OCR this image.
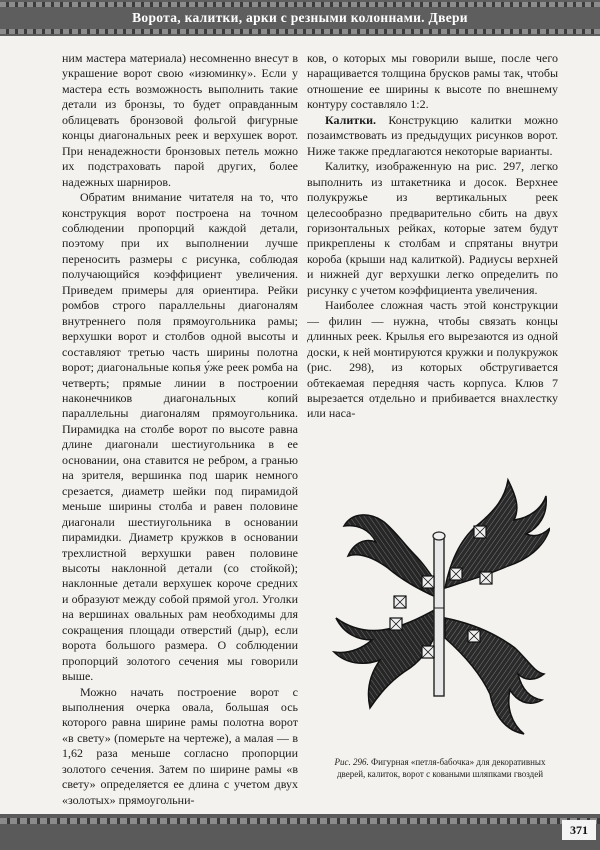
Ворота, калитки, арки с резными колоннами. Двери

ним мастера материала) несомненно внесут в украшение ворот свою «изюминку». Если у мастера есть возможность выполнить такие детали из бронзы, то будет оправданным облицевать бронзовой фольгой фигурные концы диагональных реек и верхушек ворот. При ненадежности бронзовых петель можно их подстраховать парой других, более надежных шарниров.

Обратим внимание читателя на то, что конструкция ворот построена на точном соблюдении пропорций каждой детали, поэтому при их выполнении лучше переносить размеры с рисунка, соблюдая получающийся коэффициент увеличения. Приведем примеры для ориентира. Рейки ромбов строго параллельны диагоналям внутреннего поля прямоугольника рамы; верхушки ворот и столбов одной высоты и составляют третью часть ширины полотна ворот; диагональные копья у́же реек ромба на четверть; прямые линии в построении наконечников диагональных копий параллельны диагоналям прямоугольника. Пирамидка на столбе ворот по высоте равна длине диагонали шестиугольника в ее основании, она ставится не ребром, а гранью на зрителя, вершинка под шарик немного срезается, диаметр шейки под пирамидой меньше ширины столба и равен половине диагонали шестиугольника в основании пирамидки. Диаметр кружков в основании трехлистной верхушки равен половине высоты наклонной детали (со стойкой); наклонные детали верхушек короче средних и образуют между собой прямой угол. Уголки на вершинах овальных рам необходимы для сокращения площади отверстий (дыр), если ворота большого размера. О соблюдении пропорций золотого сечения мы говорили выше.

Можно начать построение ворот с выполнения очерка овала, большая ось которого равна ширине рамы полотна ворот «в свету» (померьте на чертеже), а малая — в 1,62 раза меньше согласно пропорции золотого сечения. Затем по ширине рамы «в свету» определяется ее длина с учетом двух «золотых» прямоугольни-

ков, о которых мы говорили выше, после чего наращивается толщина брусков рамы так, чтобы отношение ее ширины к высоте по внешнему контуру составляло 1:2.

Калитки. Конструкцию калитки можно позаимствовать из предыдущих рисунков ворот. Ниже также предлагаются некоторые варианты.

Калитку, изображенную на рис. 297, легко выполнить из штакетника и досок. Верхнее полукружье из вертикальных реек целесообразно предварительно сбить на двух горизонтальных рейках, которые затем будут прикреплены к столбам и спрятаны внутри короба (крыши над калиткой). Радиусы верхней и нижней дуг верхушки легко определить по рисунку с учетом коэффициента увеличения.

Наиболее сложная часть этой конструкции — филин — нужна, чтобы связать концы длинных реек. Крылья его вырезаются из одной доски, к ней монтируются кружки и полукружок (рис. 298), из которых обстругивается обтекаемая передняя часть корпуса. Клюв 7 вырезается отдельно и прибивается внахлестку или наса-

Рис. 296. Фигурная «петля-бабочка» для декоративных дверей, калиток, ворот с коваными шляпками гвоздей
371
